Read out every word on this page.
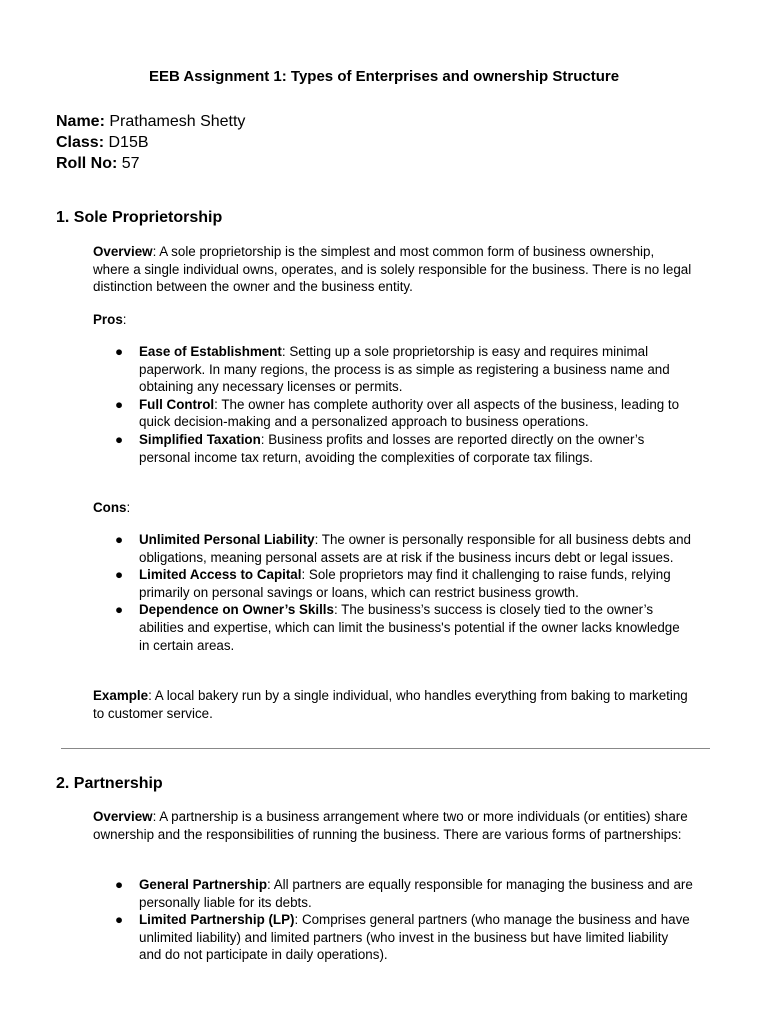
EEB Assignment 1: Types of Enterprises and ownership Structure
Name: Prathamesh Shetty
Class: D15B
Roll No: 57
1. Sole Proprietorship
Overview: A sole proprietorship is the simplest and most common form of business ownership, where a single individual owns, operates, and is solely responsible for the business. There is no legal distinction between the owner and the business entity.
Pros:
● Ease of Establishment: Setting up a sole proprietorship is easy and requires minimal paperwork. In many regions, the process is as simple as registering a business name and obtaining any necessary licenses or permits.
● Full Control: The owner has complete authority over all aspects of the business, leading to quick decision-making and a personalized approach to business operations.
● Simplified Taxation: Business profits and losses are reported directly on the owner’s personal income tax return, avoiding the complexities of corporate tax filings.
Cons:
● Unlimited Personal Liability: The owner is personally responsible for all business debts and obligations, meaning personal assets are at risk if the business incurs debt or legal issues.
● Limited Access to Capital: Sole proprietors may find it challenging to raise funds, relying primarily on personal savings or loans, which can restrict business growth.
● Dependence on Owner’s Skills: The business’s success is closely tied to the owner’s abilities and expertise, which can limit the business's potential if the owner lacks knowledge in certain areas.
Example: A local bakery run by a single individual, who handles everything from baking to marketing to customer service.
2. Partnership
Overview: A partnership is a business arrangement where two or more individuals (or entities) share ownership and the responsibilities of running the business. There are various forms of partnerships:
● General Partnership: All partners are equally responsible for managing the business and are personally liable for its debts.
● Limited Partnership (LP): Comprises general partners (who manage the business and have unlimited liability) and limited partners (who invest in the business but have limited liability and do not participate in daily operations).
